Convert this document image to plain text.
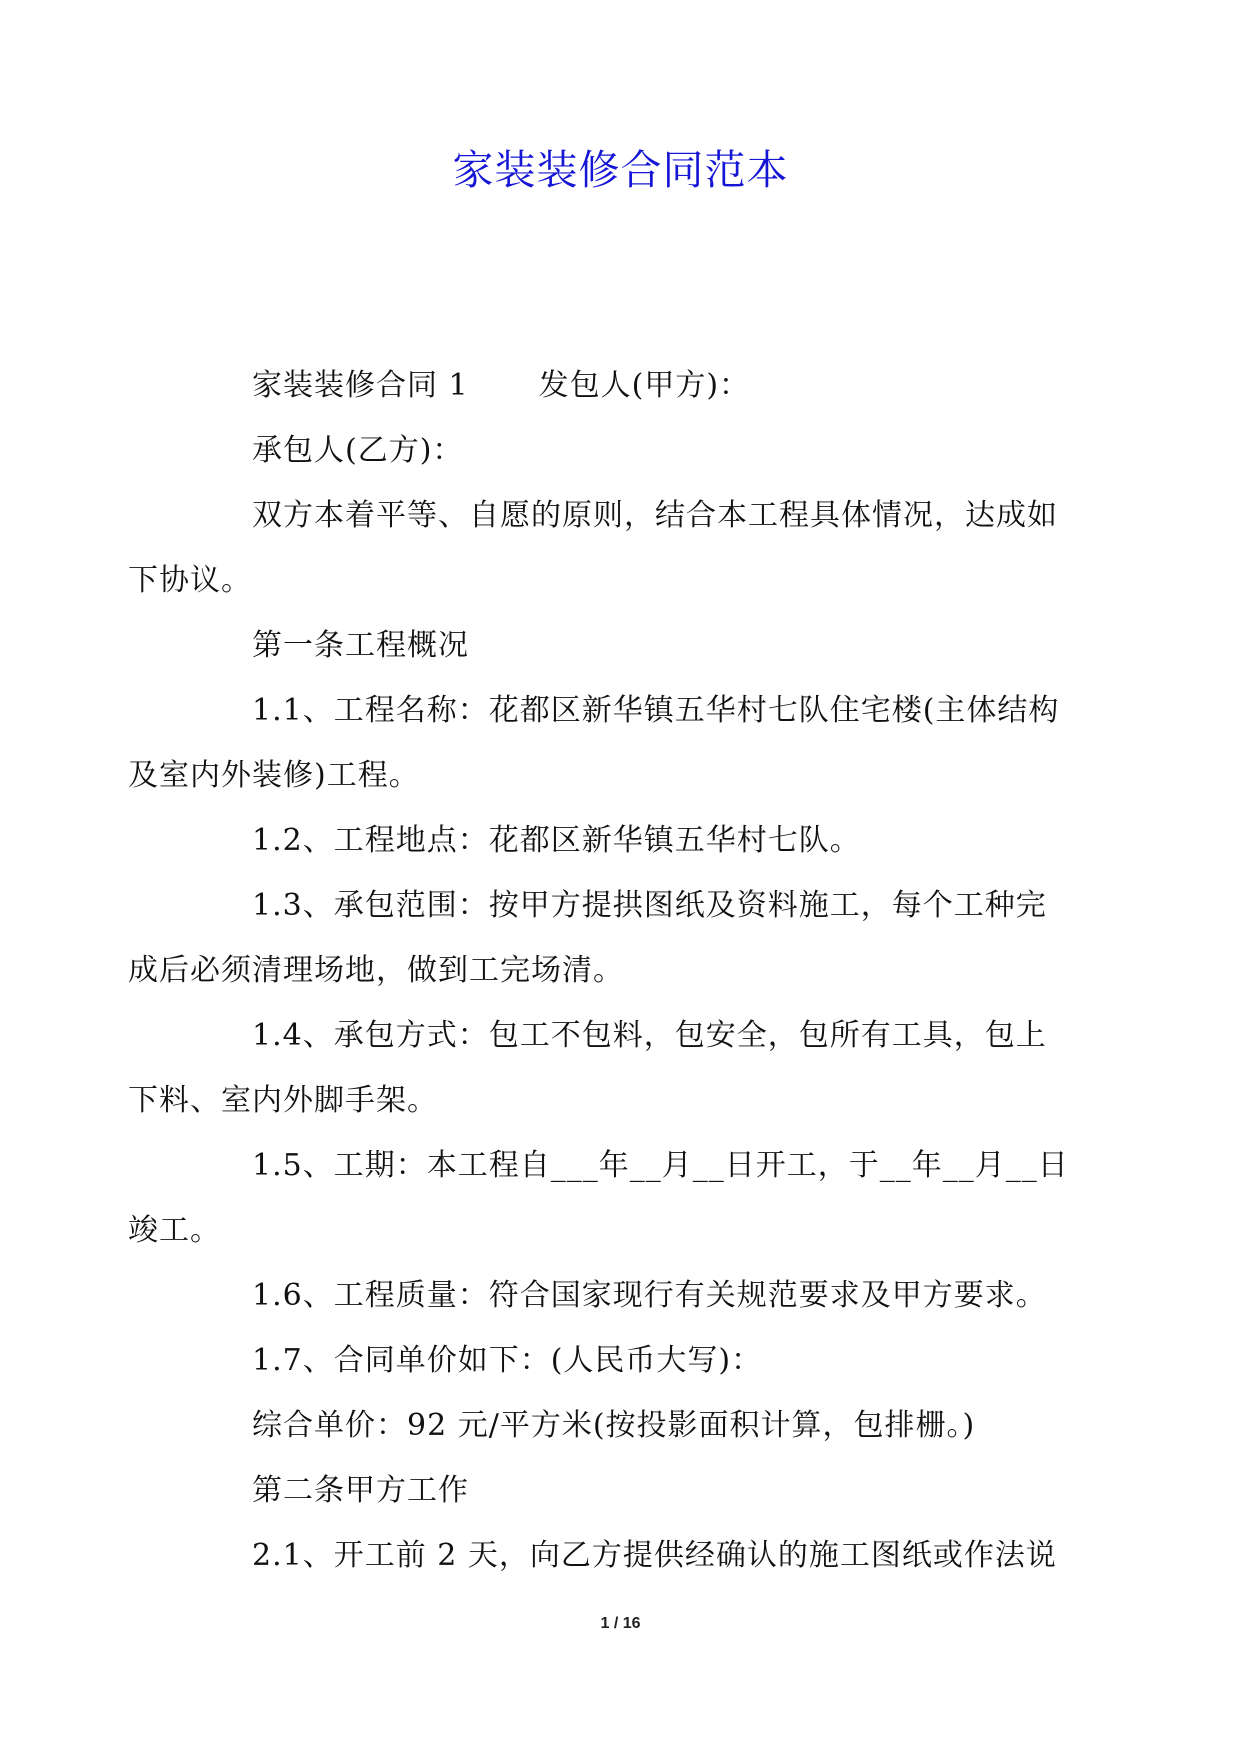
家装装修合同范本

家装装修合同 1 发包人(甲方)：

承包人(乙方)：

双方本着平等、自愿的原则，结合本工程具体情况，达成如
下协议。

第一条工程概况

1.1、工程名称：花都区新华镇五华村七队住宅楼(主体结构
及室内外装修)工程。

1.2、工程地点：花都区新华镇五华村七队。

1.3、承包范围：按甲方提拱图纸及资料施工，每个工种完
成后必须清理场地，做到工完场清。

1.4、承包方式：包工不包料，包安全，包所有工具，包上
下料、室内外脚手架。

1.5、工期：本工程自___年__月__日开工，于__年__月__日
竣工。

1.6、工程质量：符合国家现行有关规范要求及甲方要求。

1.7、合同单价如下：(人民币大写)：

综合单价：92 元/平方米(按投影面积计算，包排栅。)

第二条甲方工作

2.1、开工前 2 天，向乙方提供经确认的施工图纸或作法说

1 / 16
